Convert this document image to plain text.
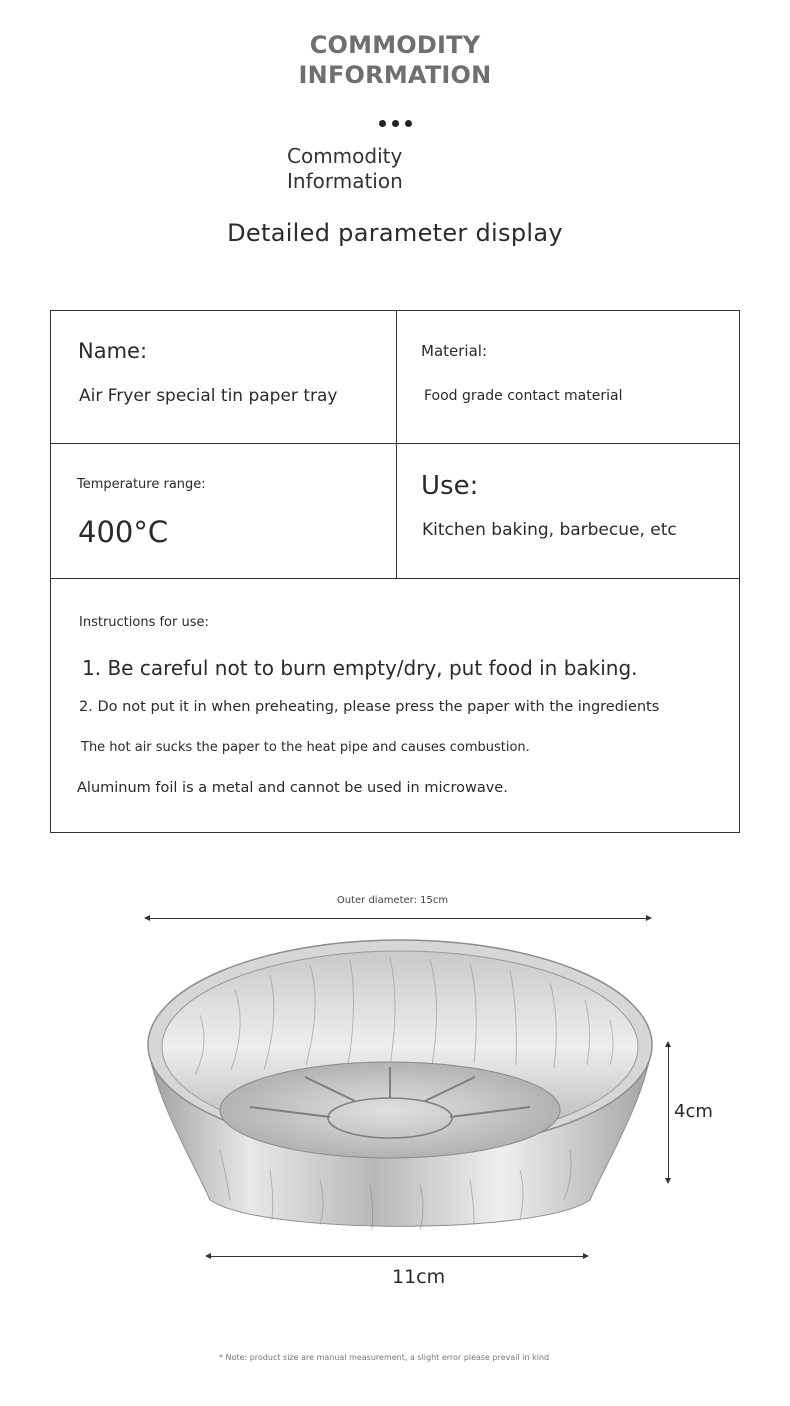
COMMODITY
INFORMATION
Commodity
Information
Detailed parameter display
Name:
Air Fryer special tin paper tray
Material:
Food grade contact material
Temperature range:
400°C
Use:
Kitchen baking, barbecue, etc
Instructions for use:
1. Be careful not to burn empty/dry, put food in baking.
2. Do not put it in when preheating, please press the paper with the ingredients
The hot air sucks the paper to the heat pipe and causes combustion.
Aluminum foil is a metal and cannot be used in microwave.
Outer diameter: 15cm
4cm
11cm
* Note: product size are manual measurement, a slight error please prevail in kind
